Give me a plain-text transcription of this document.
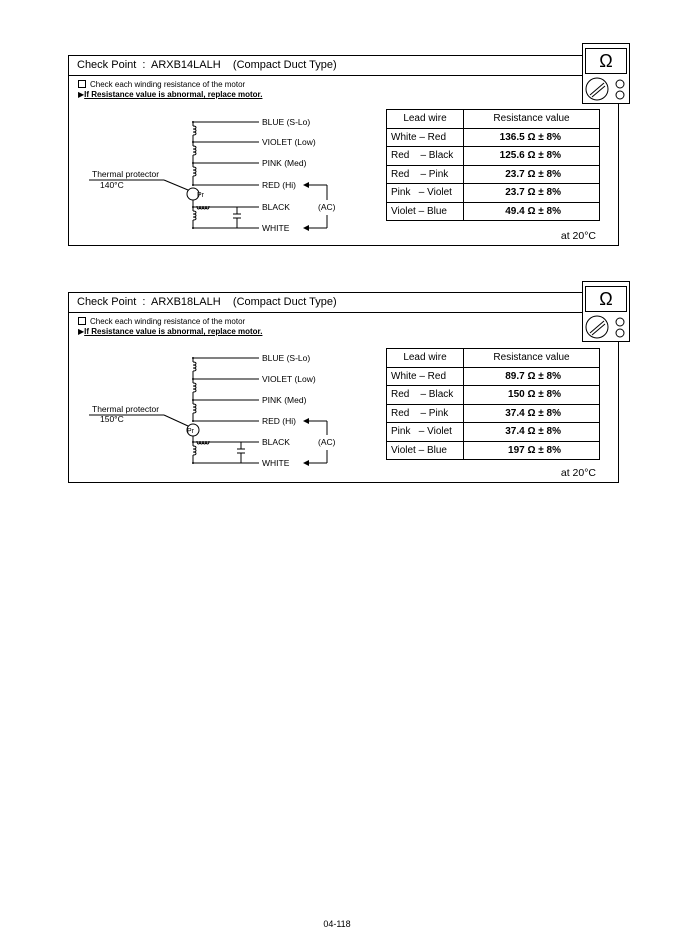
Check Point  :  ARXB14LALH    (Compact Duct Type)
Check each winding resistance of the motor
▶If Resistance value is abnormal, replace motor.
Pr
BLUE (S-Lo)
VIOLET (Low)
PINK (Med)
RED (Hi)
BLACK
WHITE
(AC)
Thermal protector
140°C
Lead wire	Resistance value
White – Red	136.5 Ω ± 8%
Red    – Black	125.6 Ω ± 8%
Red    – Pink	23.7 Ω ± 8%
Pink   – Violet	23.7 Ω ± 8%
Violet – Blue	49.4 Ω ± 8%
at 20°C
Ω
Check Point  :  ARXB18LALH    (Compact Duct Type)
Check each winding resistance of the motor
▶If Resistance value is abnormal, replace motor.
Pr
BLUE (S-Lo)
VIOLET (Low)
PINK (Med)
RED (Hi)
BLACK
WHITE
(AC)
Thermal protector
150°C
Lead wire	Resistance value
White – Red	89.7 Ω ± 8%
Red    – Black	150 Ω ± 8%
Red    – Pink	37.4 Ω ± 8%
Pink   – Violet	37.4 Ω ± 8%
Violet – Blue	197 Ω ± 8%
at 20°C
Ω
04-118
